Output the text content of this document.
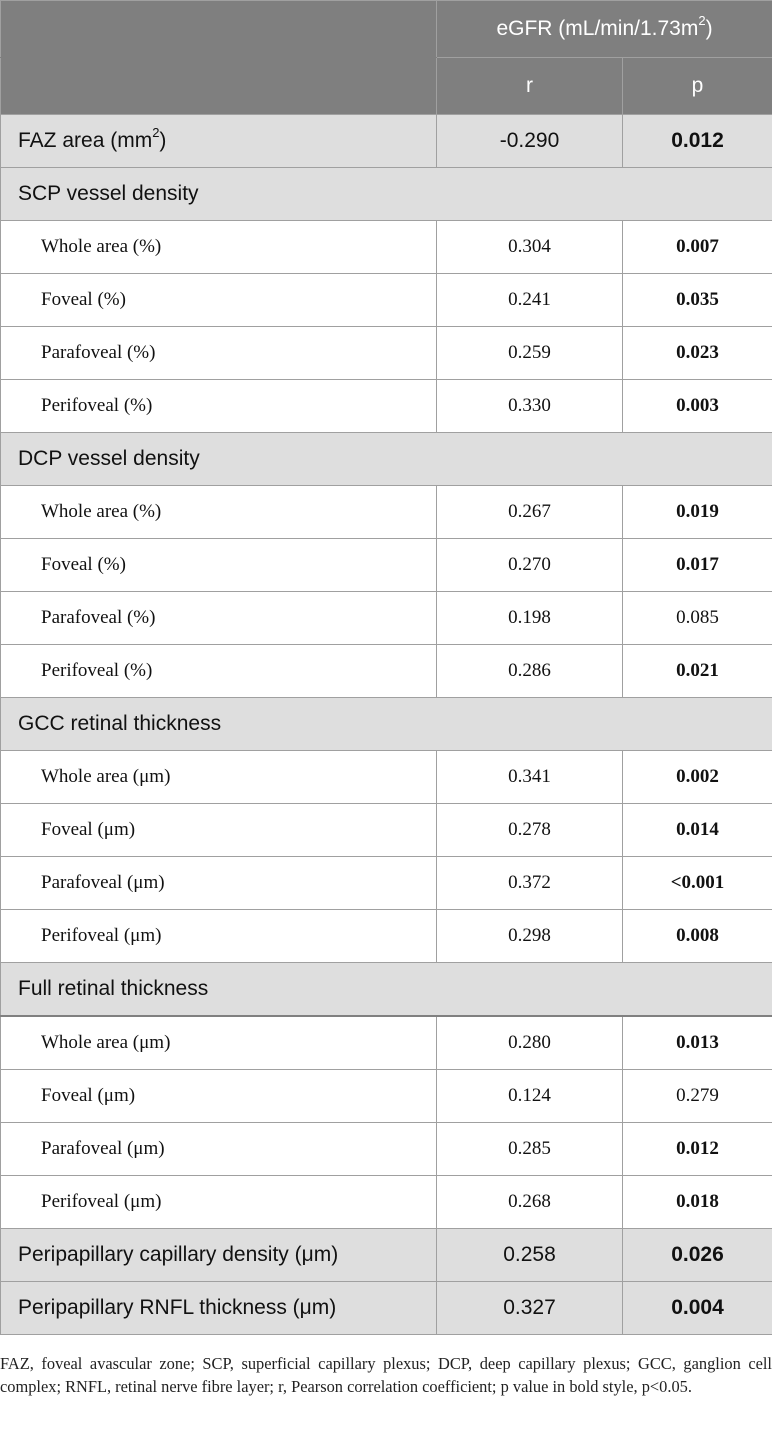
	eGFR $(mL/\min/1.73m^2)$	
	r	p
FAZ area $(mm^2)$	-0.290	0.012
SCP vessel density		
Whole area (%)	0.304	0.007
Foveal (%)	0.241	0.035
Parafoveal (%)	0.259	0.023
Perifoveal (%)	0.330	0.003
DCP vessel density		
Whole area (%)	0.267	0.019
Foveal (%)	0.270	0.017
Parafoveal (%)	0.198	0.085
Perifoveal (%)	0.286	0.021
GCC retinal thickness		
Whole area (μm)	0.341	0.002
Foveal (μm)	0.278	0.014
Parafoveal (μm)	0.372	<0.001
Perifoveal (μm)	0.298	0.008
Full retinal thickness		
Whole area (μm)	0.280	0.013
Foveal (μm)	0.124	0.279
Parafoveal (μm)	0.285	0.012
Perifoveal (μm)	0.268	0.018
Peripapillary capillary density (μm)	0.258	0.026
Peripapillary RNFL thickness (μm)	0.327	0.004
FAZ, foveal avascular zone; SCP, superficial capillary plexus; DCP, deep capillary plexus; GCC, ganglion cell complex; RNFL, retinal nerve fibre layer; r, Pearson correlation coefficient; p value in bold style, p<0.05.
